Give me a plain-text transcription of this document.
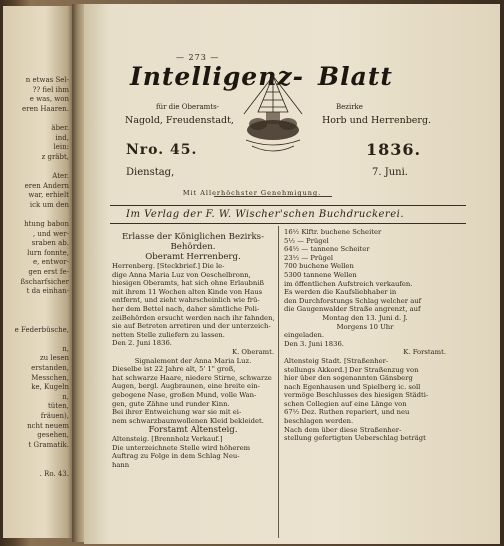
n etwas Sel-
?? fiel ihm
e was, won
eren Haaren.
äber.
ind,
lein:
z gräbt,
Ater.
eren Andern
war, erhielt
ick um den
htung babon
, und wer-
sraben ab.
lurn fonnte,
e, entwor-
gen erst fe-
ßscharfsicher
t da einhan-
e Federbüsche,
n,
zu lesen
erstanden,
Messchen,
ke, Kugeln
n,
tüten,
fräuen),
ncht neuem
gesehen,
t Gramatik.
. Ro. 43.
— 273 —
Intelligenz- Blatt
für die Oberamts-	Bezirke
Nagold, Freudenstadt,	Horb und Herrenberg.
Nro. 45.	1836.
Dienstag,	7. Juni.
Mit Allerhöchster Genehmigung.
Im Verlag der F. W. Wischer'schen Buchdruckerei.
Erlasse der Königlichen Bezirks-
Behörden.
Oberamt Herrenberg.
Herrenberg. [Steckbrief.] Die le-
dige Anna Maria Luz von Oeschelbronn,
hiesigen Oberamts, hat sich ohne Erlaubniß
mit ihrem 11 Wochen alten Kinde von Haus
entfernt, und zieht wahrscheinlich wie frü-
her dem Bettel nach, daher sämtliche Poli-
zeiBehörden ersucht werden nach ihr fahnden,
sie auf Betreten arretiren und der unterzeich-
netten Stelle zuliefern zu lassen.
Den 2. Juni 1836.
K. Oberamt.
Signalement der Anna Maria Luz.
Dieselbe ist 22 Jahre alt, 5' 1" groß,
hat schwarze Haare, niedere Stirne, schwarze
Augen, bergl. Augbraunen, eine breite ein-
gebogene Nase, großen Mund, volle Wan-
gen, gute Zähne und runder Kinn.
Bei ihrer Entweichung war sie mit ei-
nem schwarzbaumwollenen Kleid bekleidet.
Forstamt Altensteig.
Altensteig. [Brennholz Verkauf.]
Die unterzeichnete Stelle wird höherem
Auftrag zu Folge in dem Schlag Neu-
hann
16½ Klftr. buchene Scheiter
5½ — Prügel
64½ — tannene Scheiter
23½ — Prügel
700 buchene Wellen
5300 tannene Wellen
im öffentlichen Aufstreich verkaufen.
Es werden die Kaufsliebhaber in
den Durchforstungs Schlag welcher auf
die Gaugenwalder Straße angrenzt, auf
Montag den 13. Juni d. J.
Morgens 10 Uhr
eingeladen.
Den 3. Juni 1836.
K. Forstamt.
Altensteig Stadt. [Straßenher-
stellungs Akkord.] Der Straßenzug von
hier über den sogenannten Gänsberg
nach Egenhausen und Spielberg ic. soll
vermöge Beschlusses des hiesigen Städti-
schen Collegien auf eine Länge von
67½ Dez. Ruthen repariert, und neu
beschlagen werden.
Nach dem über diese Straßenher-
stellung gefertigten Ueberschlag beträgt
